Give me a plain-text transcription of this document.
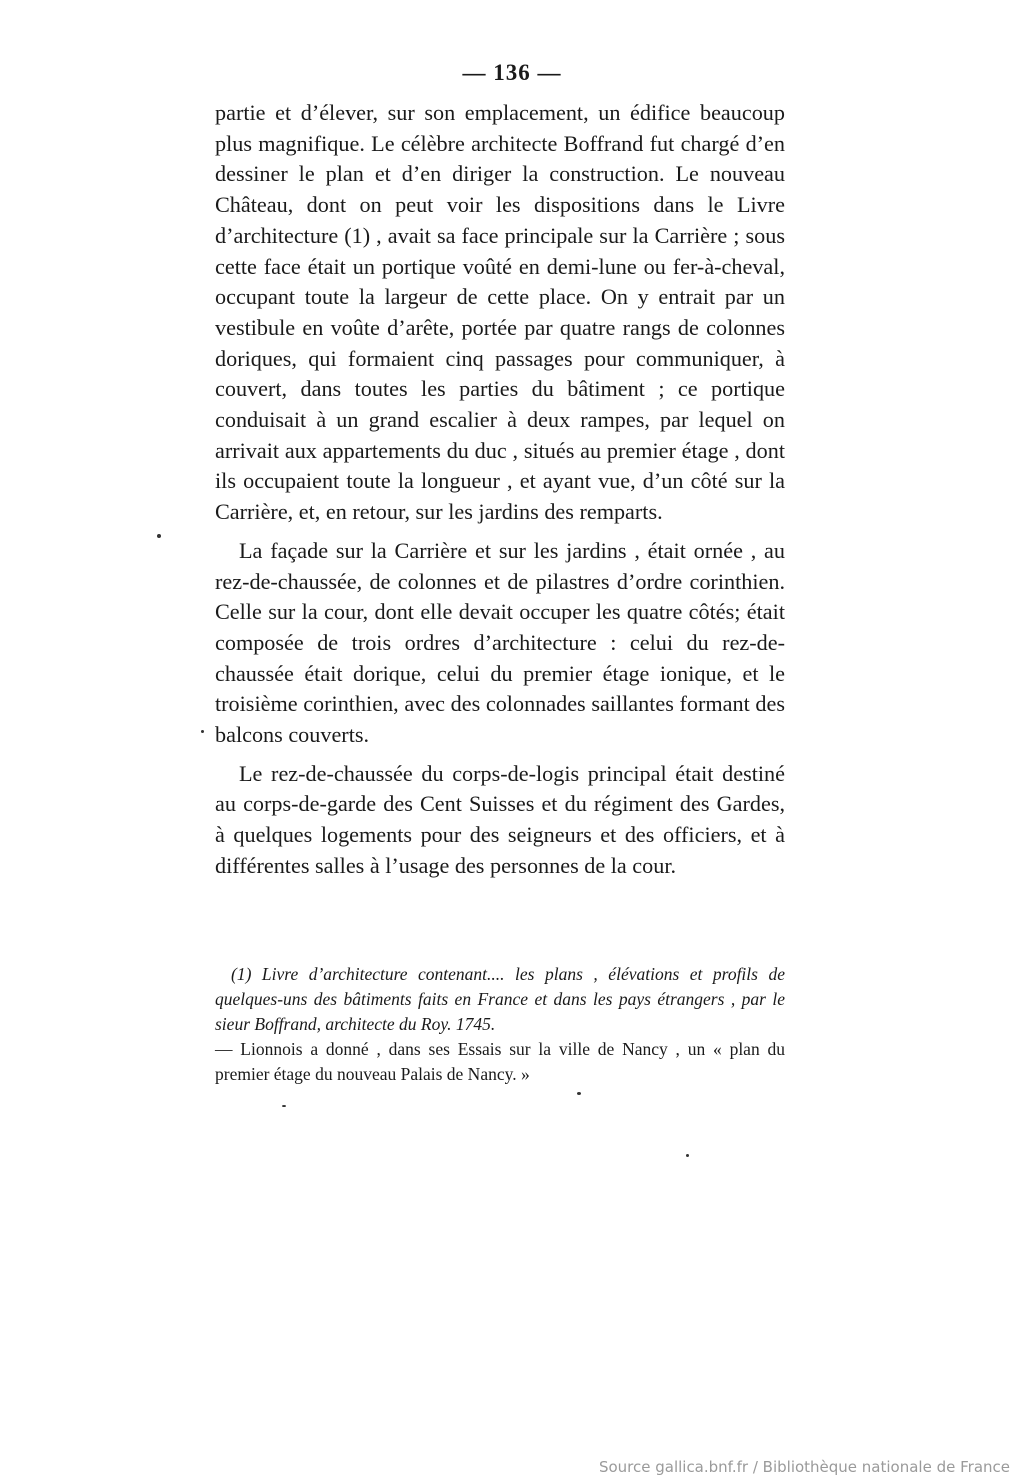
— 136 —

partie et d’élever, sur son emplacement, un édifice beaucoup plus magnifique. Le célèbre architecte Boffrand fut chargé d’en dessiner le plan et d’en diriger la construction. Le nouveau Château, dont on peut voir les dispositions dans le Livre d’architecture (1) , avait sa face principale sur la Carrière ; sous cette face était un portique voûté en demi-lune ou fer-à-cheval, occupant toute la largeur de cette place. On y entrait par un vestibule en voûte d’arête, portée par quatre rangs de colonnes doriques, qui formaient cinq passages pour communiquer, à couvert, dans toutes les parties du bâtiment ; ce portique conduisait à un grand escalier à deux rampes, par lequel on arrivait aux appartements du duc , situés au premier étage , dont ils occupaient toute la longueur , et ayant vue, d’un côté sur la Carrière, et, en retour, sur les jardins des remparts.

La façade sur la Carrière et sur les jardins , était ornée , au rez-de-chaussée, de colonnes et de pilastres d’ordre corinthien. Celle sur la cour, dont elle devait occuper les quatre côtés; était composée de trois ordres d’architecture : celui du rez-de-chaussée était dorique, celui du premier étage ionique, et le troisième corinthien, avec des colonnades saillantes formant des balcons couverts.

Le rez-de-chaussée du corps-de-logis principal était destiné au corps-de-garde des Cent Suisses et du régiment des Gardes, à quelques logements pour des seigneurs et des officiers, et à différentes salles à l’usage des personnes de la cour.

(1) Livre d’architecture contenant.... les plans , élévations et profils de quelques-uns des bâtiments faits en France et dans les pays étrangers , par le sieur Boffrand, architecte du Roy. 1745.

— Lionnois a donné , dans ses Essais sur la ville de Nancy , un « plan du premier étage du nouveau Palais de Nancy. »

Source gallica.bnf.fr / Bibliothèque nationale de France
